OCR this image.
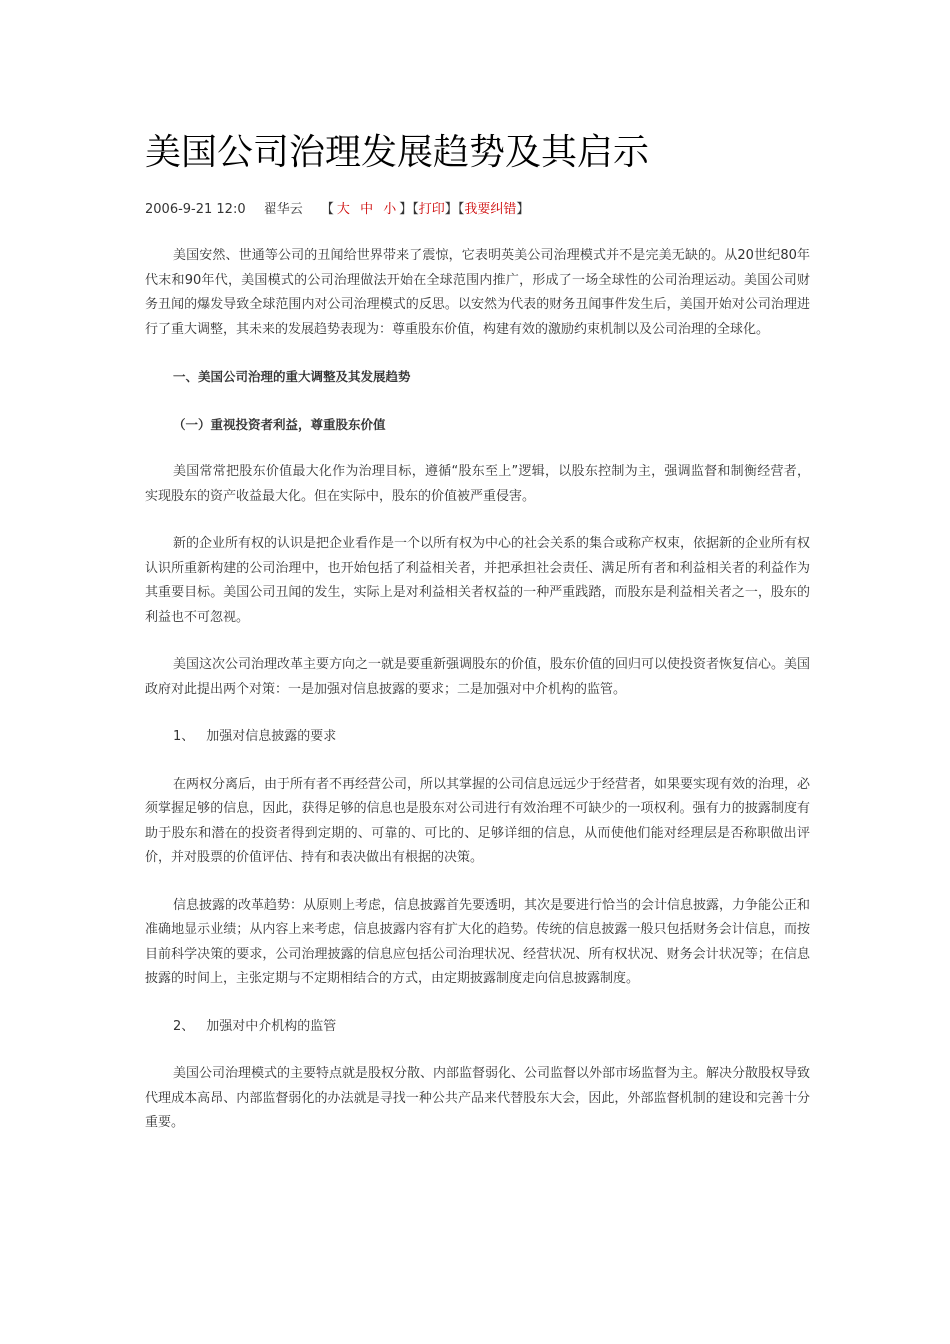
美国公司治理发展趋势及其启示
2006-9-21 12:0 翟华云 【 大 中 小 】【打印】【我要纠错】

美国安然、世通等公司的丑闻给世界带来了震惊，它表明英美公司治理模式并不是完美无缺的。从20世纪80年代末和90年代，美国模式的公司治理做法开始在全球范围内推广，形成了一场全球性的公司治理运动。美国公司财务丑闻的爆发导致全球范围内对公司治理模式的反思。以安然为代表的财务丑闻事件发生后，美国开始对公司治理进行了重大调整，其未来的发展趋势表现为：尊重股东价值，构建有效的激励约束机制以及公司治理的全球化。

一、美国公司治理的重大调整及其发展趋势

（一）重视投资者利益，尊重股东价值

美国常常把股东价值最大化作为治理目标，遵循“股东至上”逻辑，以股东控制为主，强调监督和制衡经营者，实现股东的资产收益最大化。但在实际中，股东的价值被严重侵害。

新的企业所有权的认识是把企业看作是一个以所有权为中心的社会关系的集合或称产权束，依据新的企业所有权认识所重新构建的公司治理中，也开始包括了利益相关者，并把承担社会责任、满足所有者和利益相关者的利益作为其重要目标。美国公司丑闻的发生，实际上是对利益相关者权益的一种严重践踏，而股东是利益相关者之一，股东的利益也不可忽视。

美国这次公司治理改革主要方向之一就是要重新强调股东的价值，股东价值的回归可以使投资者恢复信心。美国政府对此提出两个对策：一是加强对信息披露的要求；二是加强对中介机构的监管。

1、 加强对信息披露的要求

在两权分离后，由于所有者不再经营公司，所以其掌握的公司信息远远少于经营者，如果要实现有效的治理，必须掌握足够的信息，因此，获得足够的信息也是股东对公司进行有效治理不可缺少的一项权利。强有力的披露制度有助于股东和潜在的投资者得到定期的、可靠的、可比的、足够详细的信息，从而使他们能对经理层是否称职做出评价，并对股票的价值评估、持有和表决做出有根据的决策。

信息披露的改革趋势：从原则上考虑，信息披露首先要透明，其次是要进行恰当的会计信息披露，力争能公正和准确地显示业绩；从内容上来考虑，信息披露内容有扩大化的趋势。传统的信息披露一般只包括财务会计信息，而按目前科学决策的要求，公司治理披露的信息应包括公司治理状况、经营状况、所有权状况、财务会计状况等；在信息披露的时间上，主张定期与不定期相结合的方式，由定期披露制度走向信息披露制度。

2、 加强对中介机构的监管

美国公司治理模式的主要特点就是股权分散、内部监督弱化、公司监督以外部市场监督为主。解决分散股权导致代理成本高昂、内部监督弱化的办法就是寻找一种公共产品来代替股东大会，因此，外部监督机制的建设和完善十分重要。
